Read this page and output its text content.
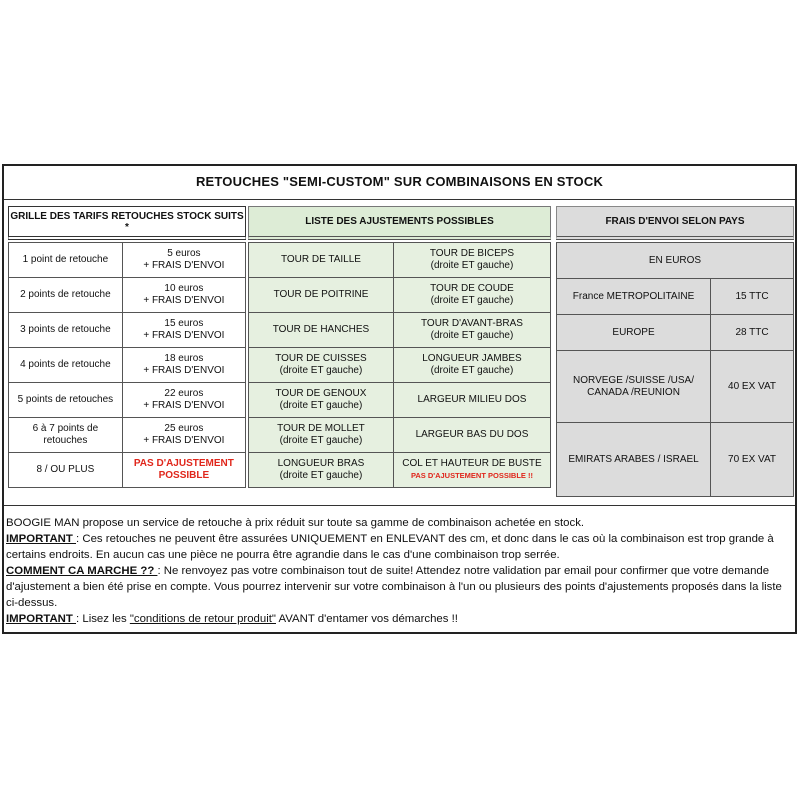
RETOUCHES "SEMI-CUSTOM" SUR COMBINAISONS EN STOCK
GRILLE DES TARIFS RETOUCHES STOCK SUITS *
1 point de retouche	5 euros
+ FRAIS D'ENVOI
2 points de retouche	10 euros
+ FRAIS D'ENVOI
3 points de retouche	15 euros
+ FRAIS D'ENVOI
4 points de retouche	18 euros
+ FRAIS D'ENVOI
5 points de retouches	22 euros
+ FRAIS D'ENVOI
6 à 7 points de
retouches	25 euros
+ FRAIS D'ENVOI
8 / OU PLUS	PAS D'AJUSTEMENT
POSSIBLE
LISTE DES AJUSTEMENTS POSSIBLES
TOUR DE TAILLE	TOUR DE BICEPS
(droite ET gauche)
TOUR DE POITRINE	TOUR DE COUDE
(droite ET gauche)
TOUR DE HANCHES	TOUR D'AVANT-BRAS
(droite ET gauche)
TOUR DE CUISSES
(droite ET gauche)	LONGUEUR JAMBES
(droite ET gauche)
TOUR DE GENOUX
(droite ET gauche)	LARGEUR MILIEU DOS
TOUR DE MOLLET
(droite ET gauche)	LARGEUR BAS DU DOS
LONGUEUR BRAS
(droite ET gauche)	COL ET HAUTEUR DE BUSTE
PAS D'AJUSTEMENT POSSIBLE !!
FRAIS D'ENVOI SELON PAYS
EN EUROS	
France METROPOLITAINE	15 TTC
EUROPE	28 TTC
NORVEGE /SUISSE /USA/
CANADA /REUNION	40 EX VAT
EMIRATS ARABES / ISRAEL	70 EX VAT

BOOGIE MAN propose un service de retouche à prix réduit sur toute sa gamme de combinaison achetée en stock.

IMPORTANT : Ces retouches ne peuvent être assurées UNIQUEMENT en ENLEVANT des cm, et donc dans le cas où la combinaison est trop grande à certains endroits. En aucun cas une pièce ne pourra être agrandie dans le cas d'une combinaison trop serrée.

COMMENT CA MARCHE ?? : Ne renvoyez pas votre combinaison tout de suite! Attendez notre validation par email pour confirmer que votre demande d'ajustement a bien été prise en compte. Vous pourrez intervenir sur votre combinaison à l'un ou plusieurs des points d'ajustements proposés dans la liste ci-dessus.

IMPORTANT : Lisez les "conditions de retour produit" AVANT d'entamer vos démarches !!
